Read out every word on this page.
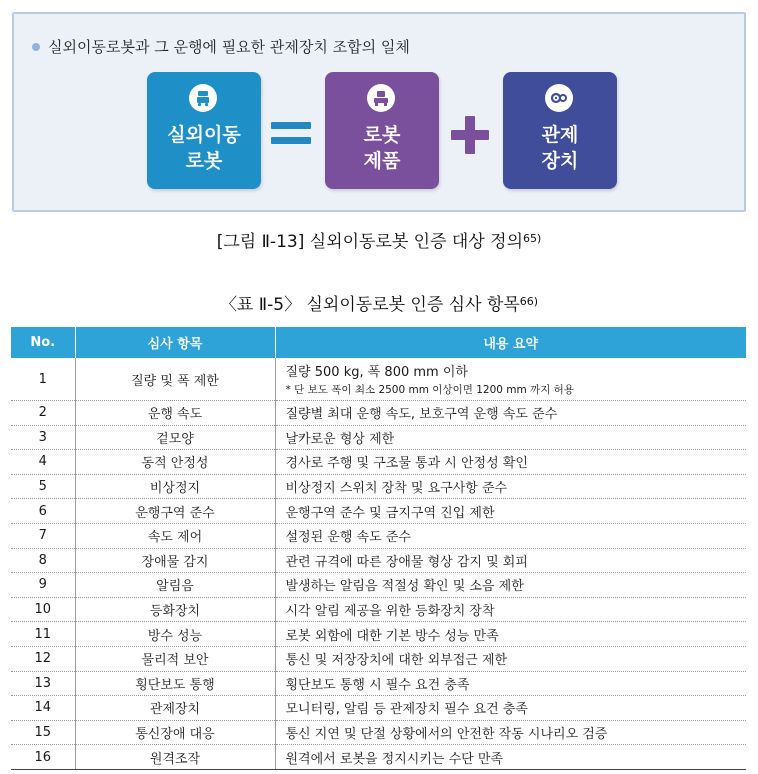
실외이동로봇과 그 운행에 필요한 관제장치 조합의 일체
실외이동
로봇
로봇
제품
관제
장치
[그림 Ⅱ-13] 실외이동로봇 인증 대상 정의$^{65)}$
〈표 Ⅱ-5〉 실외이동로봇 인증 심사 항목$^{66)}$
No.	심사 항목	내용 요약
1	질량 및 폭 제한	질량 500 kg, 폭 800 mm 이하
* 단 보도 폭이 최소 2500 mm 이상이면 1200 mm 까지 허용

2	운행 속도	질량별 최대 운행 속도, 보호구역 운행 속도 준수
3	겉모양	날카로운 형상 제한
4	동적 안정성	경사로 주행 및 구조물 통과 시 안정성 확인
5	비상정지	비상정지 스위치 장착 및 요구사항 준수
6	운행구역 준수	운행구역 준수 및 금지구역 진입 제한
7	속도 제어	설정된 운행 속도 준수
8	장애물 감지	관련 규격에 따른 장애물 형상 감지 및 회피
9	알림음	발생하는 알림음 적절성 확인 및 소음 제한
10	등화장치	시각 알림 제공을 위한 등화장치 장착
11	방수 성능	로봇 외함에 대한 기본 방수 성능 만족
12	물리적 보안	통신 및 저장장치에 대한 외부접근 제한
13	횡단보도 통행	횡단보도 통행 시 필수 요건 충족
14	관제장치	모니터링, 알림 등 관제장치 필수 요건 충족
15	통신장애 대응	통신 지연 및 단절 상황에서의 안전한 작동 시나리오 검증
16	원격조작	원격에서 로봇을 정지시키는 수단 만족
